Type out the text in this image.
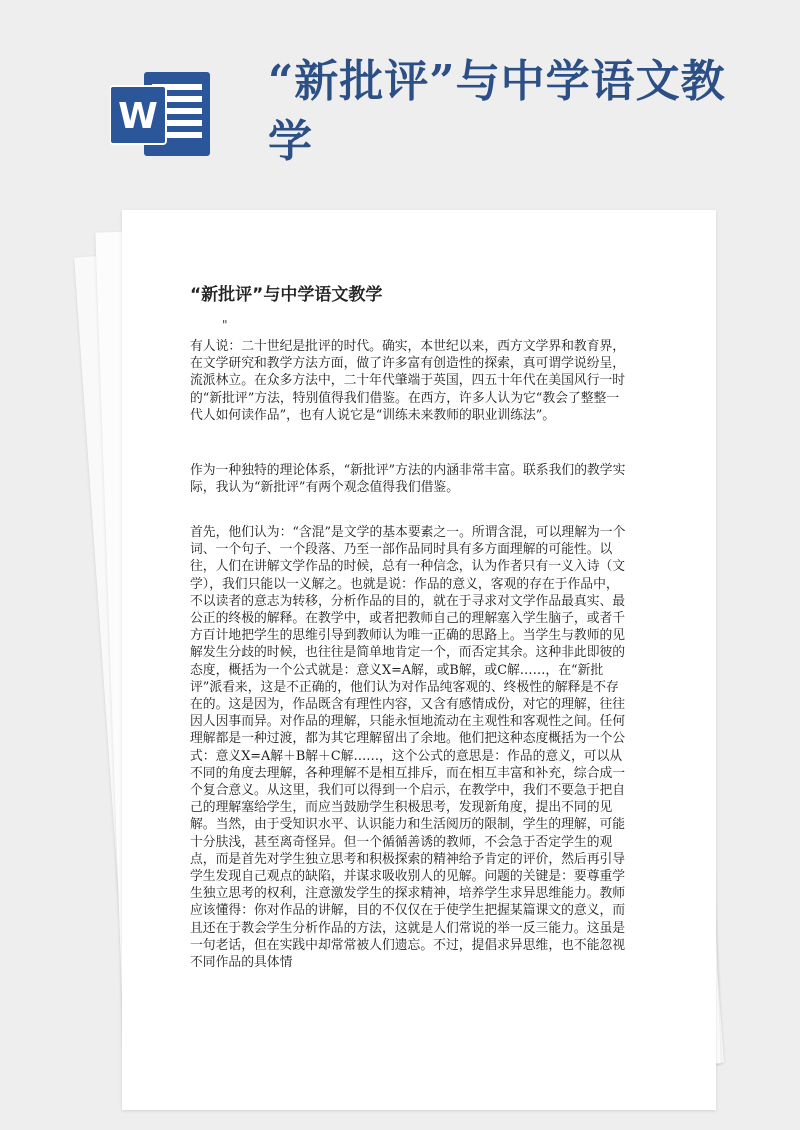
W
“新批评”与中学语文教学
“新批评”与中学语文教学
"

有人说：二十世纪是批评的时代。确实，本世纪以来，西方文学界和教育界，在文学研究和教学方法方面，做了许多富有创造性的探索，真可谓学说纷呈，流派林立。在众多方法中，二十年代肇端于英国，四五十年代在美国风行一时的“新批评”方法，特别值得我们借鉴。在西方，许多人认为它“教会了整整一代人如何读作品”，也有人说它是“训练未来教师的职业训练法”。

作为一种独特的理论体系，“新批评”方法的内涵非常丰富。联系我们的教学实际，我认为“新批评”有两个观念值得我们借鉴。

首先，他们认为：“含混”是文学的基本要素之一。所谓含混，可以理解为一个词、一个句子、一个段落、乃至一部作品同时具有多方面理解的可能性。以往，人们在讲解文学作品的时候，总有一种信念，认为作者只有一义入诗（文学），我们只能以一义解之。也就是说：作品的意义，客观的存在于作品中，不以读者的意志为转移，分析作品的目的，就在于寻求对文学作品最真实、最公正的终极的解释。在教学中，或者把教师自己的理解塞入学生脑子，或者千方百计地把学生的思维引导到教师认为唯一正确的思路上。当学生与教师的见解发生分歧的时候，也往往是简单地肯定一个，而否定其余。这种非此即彼的态度，概括为一个公式就是：意义X=A解，或B解，或C解……，在“新批评”派看来，这是不正确的，他们认为对作品纯客观的、终极性的解释是不存在的。这是因为，作品既含有理性内容，又含有感情成份，对它的理解，往往因人因事而异。对作品的理解，只能永恒地流动在主观性和客观性之间。任何理解都是一种过渡，都为其它理解留出了余地。他们把这种态度概括为一个公式：意义X=A解＋B解＋C解……，这个公式的意思是：作品的意义，可以从不同的角度去理解，各种理解不是相互排斥，而在相互丰富和补充，综合成一个复合意义。从这里，我们可以得到一个启示，在教学中，我们不要急于把自己的理解塞给学生，而应当鼓励学生积极思考，发现新角度，提出不同的见解。当然，由于受知识水平、认识能力和生活阅历的限制，学生的理解，可能十分肤浅，甚至离奇怪异。但一个循循善诱的教师，不会急于否定学生的观点，而是首先对学生独立思考和积极探索的精神给予肯定的评价，然后再引导学生发现自己观点的缺陷，并谋求吸收别人的见解。问题的关键是：要尊重学生独立思考的权利，注意激发学生的探求精神，培养学生求异思维能力。教师应该懂得：你对作品的讲解，目的不仅仅在于使学生把握某篇课文的意义，而且还在于教会学生分析作品的方法，这就是人们常说的举一反三能力。这虽是一句老话，但在实践中却常常被人们遗忘。不过，提倡求异思维，也不能忽视不同作品的具体情
